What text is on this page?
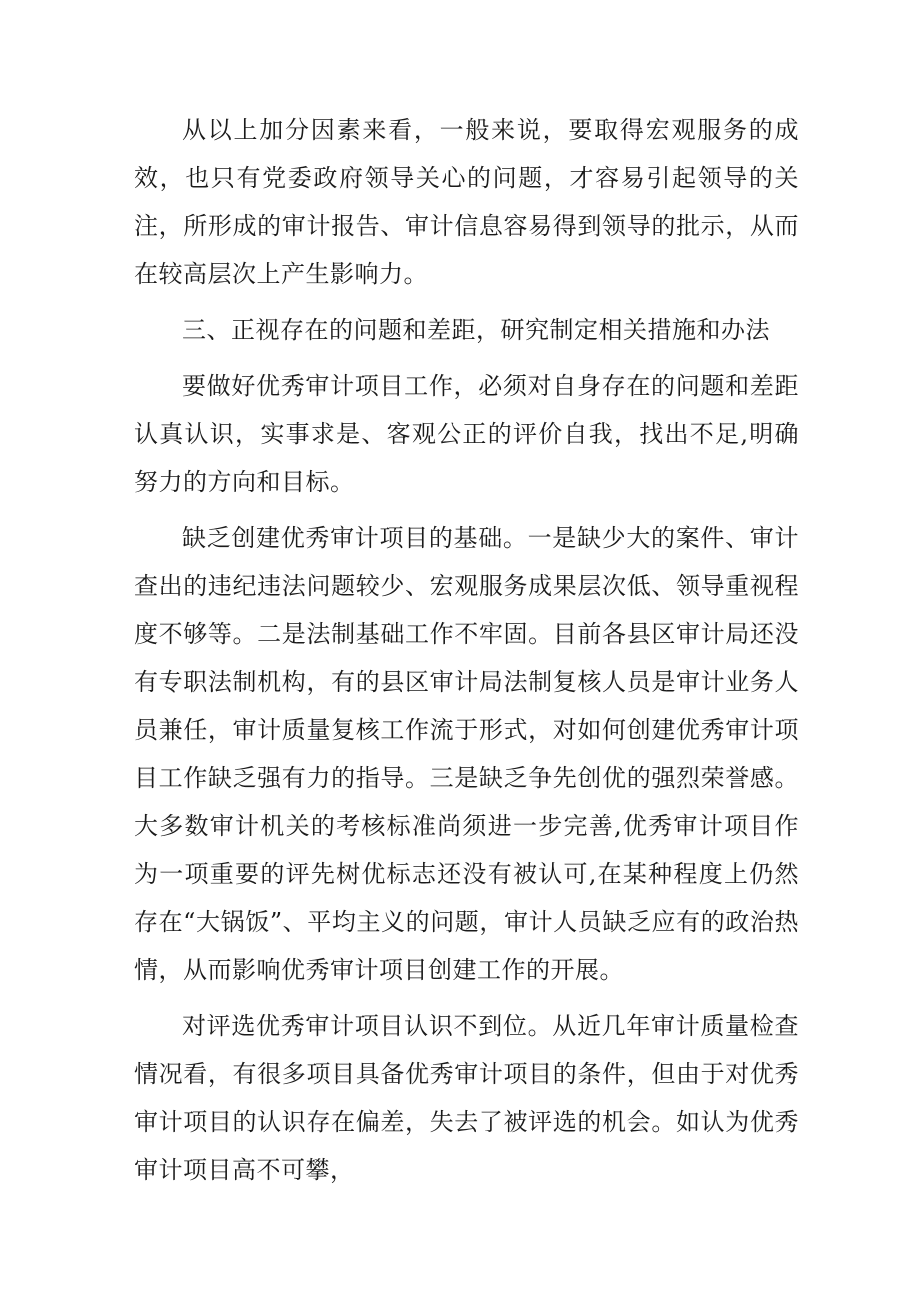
从以上加分因素来看，一般来说，要取得宏观服务的成效，也只有党委政府领导关心的问题，才容易引起领导的关注，所形成的审计报告、审计信息容易得到领导的批示，从而在较高层次上产生影响力。

三、正视存在的问题和差距，研究制定相关措施和办法

要做好优秀审计项目工作，必须对自身存在的问题和差距认真认识，实事求是、客观公正的评价自我，找出不足,明确努力的方向和目标。

缺乏创建优秀审计项目的基础。一是缺少大的案件、审计查出的违纪违法问题较少、宏观服务成果层次低、领导重视程度不够等。二是法制基础工作不牢固。目前各县区审计局还没有专职法制机构，有的县区审计局法制复核人员是审计业务人员兼任，审计质量复核工作流于形式，对如何创建优秀审计项目工作缺乏强有力的指导。三是缺乏争先创优的强烈荣誉感。大多数审计机关的考核标准尚须进一步完善,优秀审计项目作为一项重要的评先树优标志还没有被认可,在某种程度上仍然存在“大锅饭”、平均主义的问题，审计人员缺乏应有的政治热情，从而影响优秀审计项目创建工作的开展。

对评选优秀审计项目认识不到位。从近几年审计质量检查情况看，有很多项目具备优秀审计项目的条件，但由于对优秀审计项目的认识存在偏差，失去了被评选的机会。如认为优秀审计项目高不可攀，
